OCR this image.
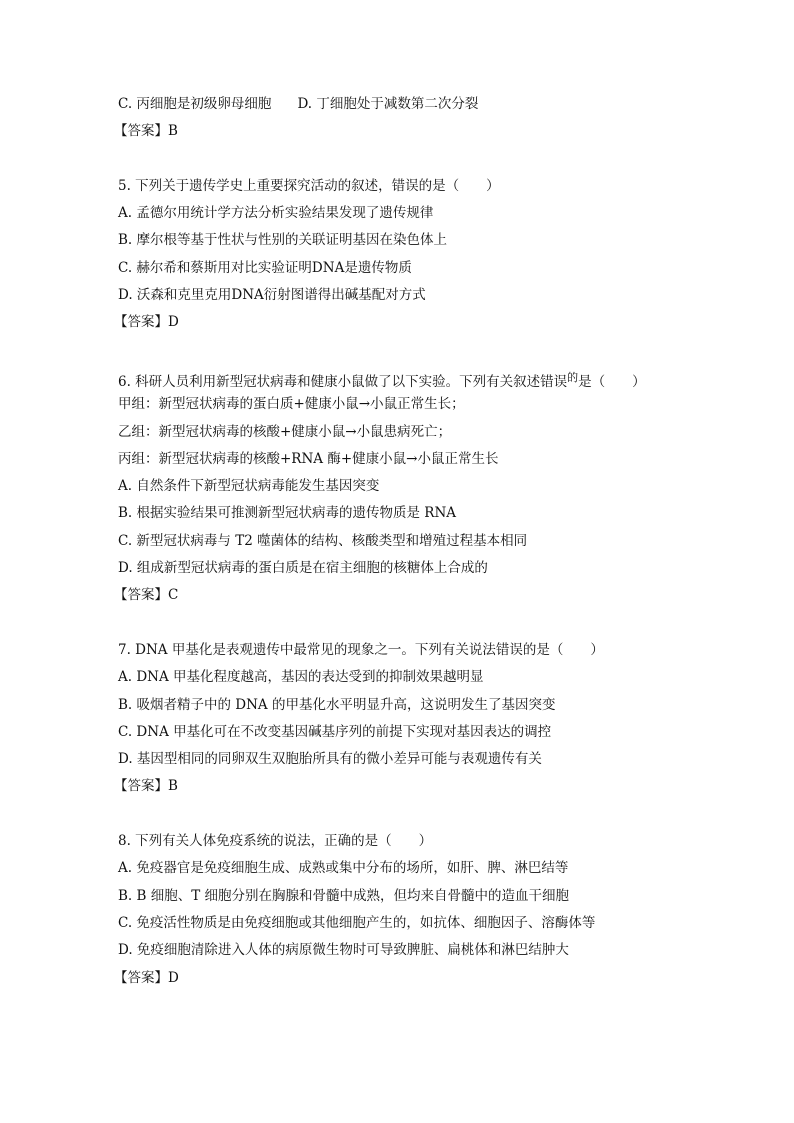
C. 丙细胞是初级卵母细胞 D. 丁细胞处于减数第二次分裂
【答案】B
5. 下列关于遗传学史上重要探究活动的叙述，错误的是（　　）
A. 孟德尔用统计学方法分析实验结果发现了遗传规律
B. 摩尔根等基于性状与性别的关联证明基因在染色体上
C. 赫尔希和蔡斯用对比实验证明DNA是遗传物质
D. 沃森和克里克用DNA衍射图谱得出碱基配对方式
【答案】D
6. 科研人员利用新型冠状病毒和健康小鼠做了以下实验。下列有关叙述错误$^的$是（　　）
甲组：新型冠状病毒的蛋白质+健康小鼠→小鼠正常生长；
乙组：新型冠状病毒的核酸+健康小鼠→小鼠患病死亡；
丙组：新型冠状病毒的核酸+RNA 酶+健康小鼠→小鼠正常生长
A. 自然条件下新型冠状病毒能发生基因突变
B. 根据实验结果可推测新型冠状病毒的遗传物质是 RNA
C. 新型冠状病毒与 T2 噬菌体的结构、核酸类型和增殖过程基本相同
D. 组成新型冠状病毒的蛋白质是在宿主细胞的核糖体上合成的
【答案】C
7. DNA 甲基化是表观遗传中最常见的现象之一。下列有关说法错误的是（　　）
A. DNA 甲基化程度越高，基因的表达受到的抑制效果越明显
B. 吸烟者精子中的 DNA 的甲基化水平明显升高，这说明发生了基因突变
C. DNA 甲基化可在不改变基因碱基序列的前提下实现对基因表达的调控
D. 基因型相同的同卵双生双胞胎所具有的微小差异可能与表观遗传有关
【答案】B
8. 下列有关人体免疫系统的说法，正确的是（　　）
A. 免疫器官是免疫细胞生成、成熟或集中分布的场所，如肝、脾、淋巴结等
B. B 细胞、T 细胞分别在胸腺和骨髓中成熟，但均来自骨髓中的造血干细胞
C. 免疫活性物质是由免疫细胞或其他细胞产生的，如抗体、细胞因子、溶酶体等
D. 免疫细胞清除进入人体的病原微生物时可导致脾脏、扁桃体和淋巴结肿大
【答案】D
